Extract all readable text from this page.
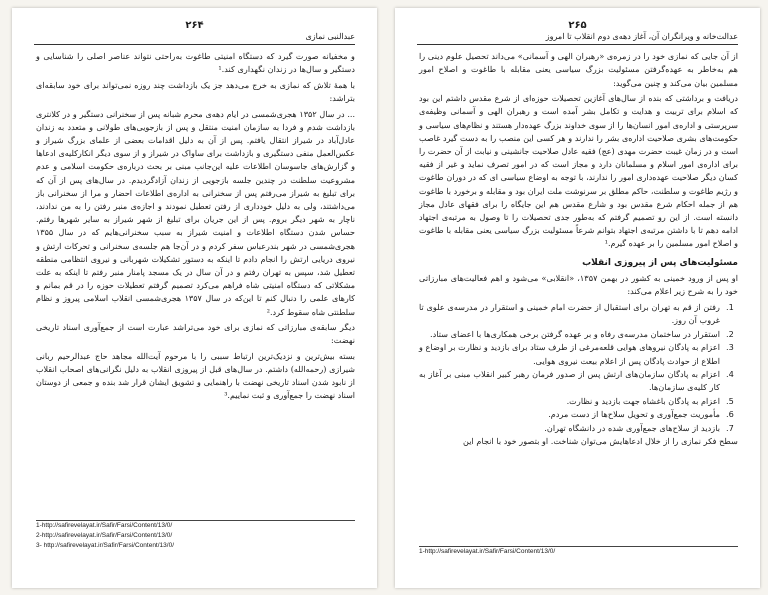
۲۶۴
عبدالنبی نمازی

و مخفیانه صورت گیرد که دستگاه امنیتی طاغوت به‌راحتی نتواند عناصر اصلی را شناسایی و دستگیر و سال‌ها در زندان نگهداری کند.¹

با همهٔ تلاش که نمازی به خرج می‌دهد جز یک بازداشت چند روزه نمی‌تواند برای خود سابقه‌ای بتراشد:

... در سال ۱۳۵۲ هجری‌شمسی در ایام دهه‌ی محرم شبانه پس از سخنرانی دستگیر و در کلانتری بازداشت شدم و فردا به سازمان امنیت منتقل و پس از بازجویی‌های طولانی و متعدد به زندان عادل‌آباد در شیراز انتقال یافتم. پس از آن به دلیل اقدامات بعضی از علمای بزرگ شیراز و عکس‌العمل منفی دستگیری و بازداشت برای ساواک در شیراز و از سوی دیگر انکارکلیه‌ی ادعاها و گزارش‌های جاسوسان اطلاعات علیه این‌جانب مبنی بر بحث درباره‌ی حکومت اسلامی و عدم مشروعیت سلطنت در چندین جلسه بازجویی از زندان آزادگردیدم. در سال‌های پس از آن که برای تبلیغ به شیراز می‌رفتم پس از سخنرانی به اداره‌ی اطلاعات احضار و مرا از سخنرانی باز می‌داشتند، ولی به دلیل خودداری از رفتن تعطیل نمودند و اجازه‌ی منبر رفتن را به من ندادند، ناچار به شهر دیگر بروم. پس از این جریان برای تبلیغ از شهر شیراز به سایر شهرها رفتم. حساس شدن دستگاه اطلاعات و امنیت شیراز به سبب سخنرانی‌هایم که در سال ۱۳۵۵ هجری‌شمسی در شهر بندرعباس سفر کردم و در آن‌جا هم جلسه‌ی سخنرانی و تحرکات ارتش و نیروی دریایی ارتش را انجام دادم تا اینکه به دستور تشکیلات شهربانی و نیروی انتظامی منطقه تعطیل شد، سپس به تهران رفتم و در آن سال در یک مسجد پامنار منبر رفتم تا اینکه به علت مشکلاتی که دستگاه امنیتی شاه فراهم می‌کرد تصمیم گرفتم تعطیلات حوزه را در قم بمانم و کارهای علمی را دنبال کنم تا این‌که در سال ۱۳۵۷ هجری‌شمسی انقلاب اسلامی پیروز و نظام سلطنتی شاه سقوط کرد.²

دیگر سابقه‌ی مبارزاتی که نمازی برای خود می‌تراشد عبارت است از جمع‌آوری اسناد تاریخی نهضت:

بسته بیش‌ترین و نزدیک‌ترین ارتباط سببی را با مرحوم آیت‌الله مجاهد حاج عبدالرحیم ربانی شیرازی (رحمه‌الله) داشتم. در سال‌های قبل از پیروزی انقلاب به دلیل نگرانی‌های اصحاب انقلاب از نابود شدن اسناد تاریخی نهضت با راهنمایی و تشویق ایشان قرار شد بنده و جمعی از دوستان اسناد نهضت را جمع‌آوری و ثبت نماییم.³

1-http://safirevelayat.ir/Safir/Farsi/Content/13/0/
2-http://safirevelayat.ir/Safir/Farsi/Content/13/0/
3- http://safirevelayat.ir/Safir/Farsi/Content/13/0/
۲۶۵
عدالت‌خانه و ویرانگران آن، آغاز دهه‌ی دوم انقلاب تا امروز

از آن جایی که نمازی خود را در زمره‌ی «رهبران الهی و آسمانی» می‌داند تحصیل علوم دینی را هم به‌خاطر به عهده‌گرفتن مسئولیت بزرگ سیاسی یعنی مقابله با طاغوت و اصلاح امور مسلمین بیان می‌کند و چنین می‌گوید:

دریافت و برداشتی که بنده از سال‌های آغازین تحصیلات حوزه‌ای از شرع مقدس داشتم این بود که اسلام برای تربیت و هدایت و تکامل بشر آمده است و رهبران الهی و آسمانی وظیفه‌ی سرپرستی و اداره‌ی امور انسان‌ها را از سوی خداوند بزرگ عهده‌دار هستند و نظام‌های سیاسی و حکومت‌های بشری صلاحیت اداره‌ی بشر را ندارند و هر کسی این منصب را به دست گیرد غاصب است و در زمان غیبت حضرت مهدی (عج) فقیه عادل صلاحیت جانشینی و نیابت از آن حضرت را برای اداره‌ی امور اسلام و مسلمانان دارد و مجاز است که در امور تصرف نماید و غیر از فقیه کسان دیگر صلاحیت عهده‌داری امور را ندارند، با توجه به اوضاع سیاسی ای که در دوران طاغوت و رژیم طاغوت و سلطنت، حاکم مطلق بر سرنوشت ملت ایران بود و مقابله و برخورد با طاغوت هم از جمله احکام شرع مقدس بود و شارع مقدس هم این جایگاه را برای فقهای عادل مجاز دانسته است. از این رو تصمیم گرفتم که به‌طور جدی تحصیلات را تا وصول به مرتبه‌ی اجتهاد ادامه دهم تا با داشتن مرتبه‌ی اجتهاد بتوانم شرعاً مسئولیت بزرگ سیاسی یعنی مقابله با طاغوت و اصلاح امور مسلمین را بر عهده گیرم.¹

مسئولیت‌های پس از پیروزی انقلاب

او پس از ورود خمینی به کشور در بهمن ۱۳۵۷، «انقلابی» می‌شود و اهم فعالیت‌های مبارزاتی خود را به شرح زیر اعلام می‌کند:

1.
رفتن از قم به تهران برای استقبال از حضرت امام خمینی و استقرار در مدرسه‌ی علوی تا غروب آن روز.
2.
استقرار در ساختمان مدرسه‌ی رفاه و بر عهده گرفتن برخی همکاری‌ها با اعضای ستاد.
3.
اعزام به پادگان نیروهای هوایی قلعه‌مرغی از طرف ستاد برای بازدید و نظارت بر اوضاع و اطلاع از حوادث پادگان پس از اعلام بیعت نیروی هوایی.
4.
اعزام به پادگان سازمان‌های ارتش پس از صدور فرمان رهبر کبیر انقلاب مبنی بر آغاز به کار کلیه‌ی سازمان‌ها.
5.
اعزام به پادگان باغشاه جهت بازدید و نظارت.
6.
مأموریت جمع‌آوری و تحویل سلاح‌ها از دست مردم.
7.
بازدید از سلاح‌های جمع‌آوری شده در دانشگاه تهران.

سطح فکر نمازی را از خلال ادعاهایش می‌توان شناخت. او بتصور خود با انجام این

1-http://safirevelayat.ir/Safir/Farsi/Content/13/0/
